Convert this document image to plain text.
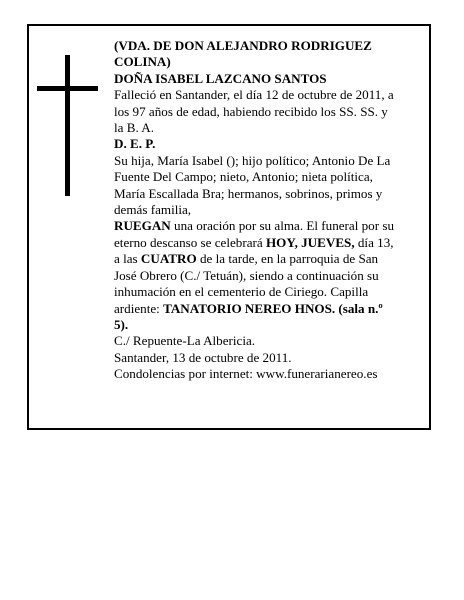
(VDA. DE DON ALEJANDRO RODRIGUEZ COLINA)

DOÑA ISABEL LAZCANO SANTOS

Falleció en Santander, el día 12 de octubre de 2011, a los 97 años de edad, habiendo recibido los SS. SS. y la B. A.

D. E. P.

Su hija, María Isabel (); hijo político; Antonio De La Fuente Del Campo; nieto, Antonio; nieta política, María Escallada Bra; hermanos, sobrinos, primos y demás familia,

RUEGAN una oración por su alma. El funeral por su eterno descanso se celebrará HOY, JUEVES, día 13, a las CUATRO de la tarde, en la parroquia de San José Obrero (C./ Tetuán), siendo a continuación su inhumación en el cementerio de Ciriego. Capilla ardiente: TANATORIO NEREO HNOS. (sala n.º 5).

C./ Repuente-La Albericia.

Santander, 13 de octubre de 2011.

Condolencias por internet: www.funerarianereo.es
